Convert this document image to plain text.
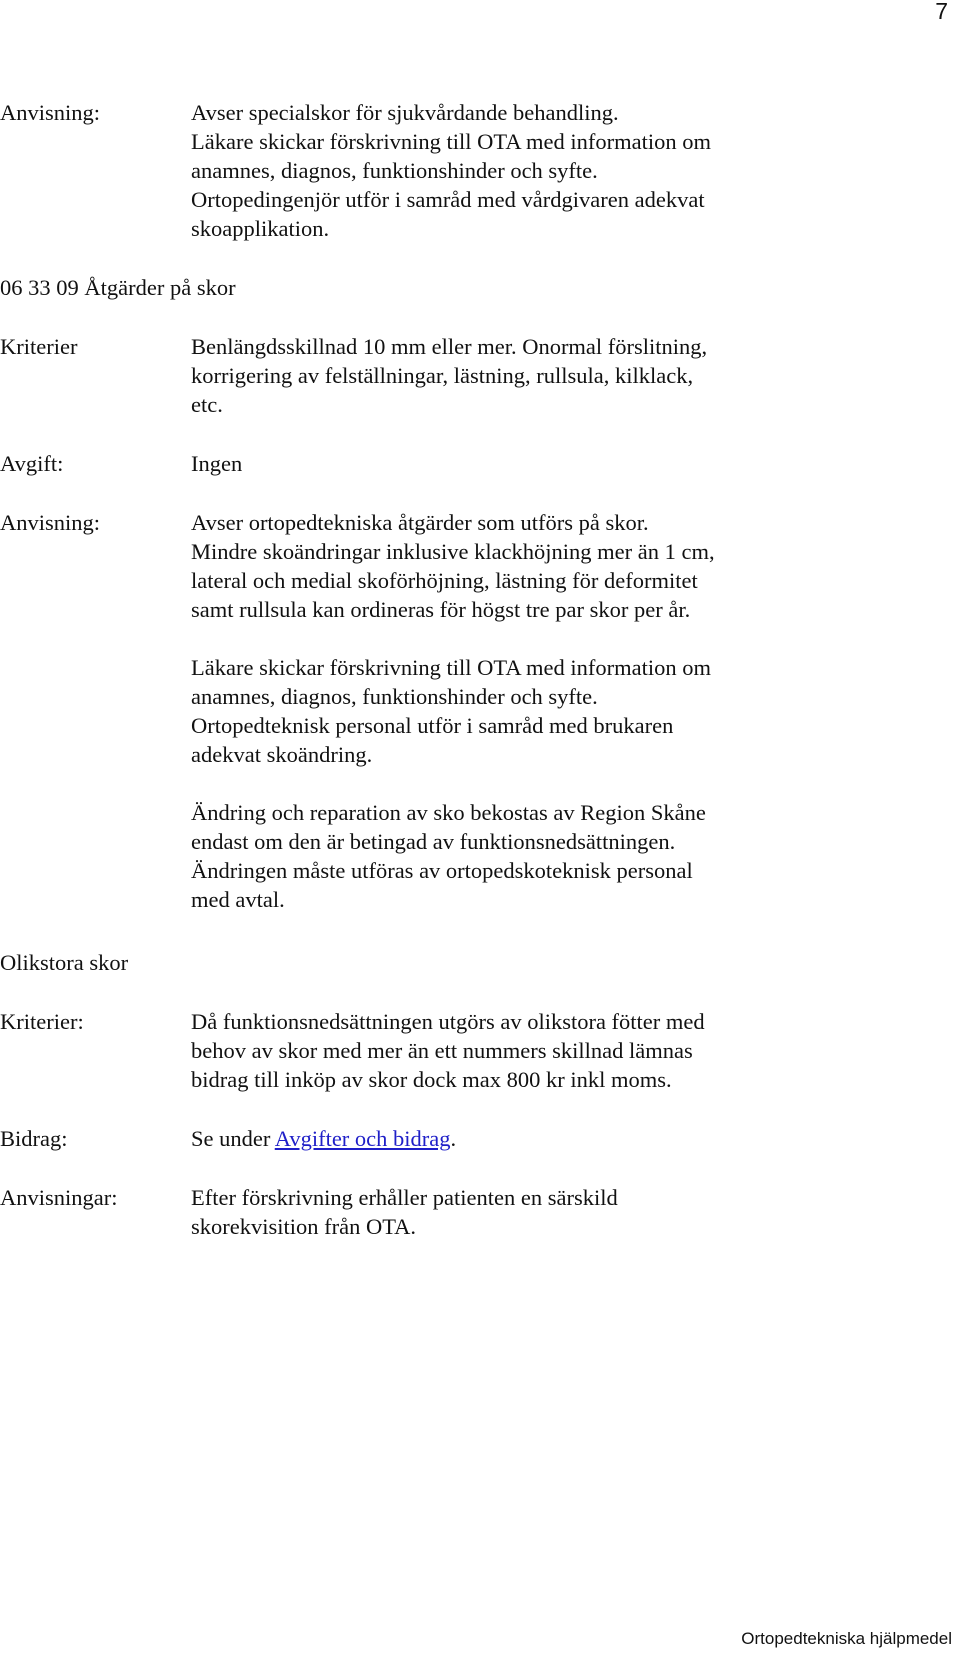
7
Anvisning:	Avser specialskor för sjukvårdande behandling.
Läkare skickar förskrivning till OTA med information om
anamnes, diagnos, funktionshinder och syfte.
Ortopedingenjör utför i samråd med vårdgivaren adekvat
skoapplikation.
06 33 09 Åtgärder på skor
Kriterier	Benlängdsskillnad 10 mm eller mer. Onormal förslitning,
korrigering av felställningar, lästning, rullsula, kilklack,
etc.
Avgift:	Ingen
Anvisning:	Avser ortopedtekniska åtgärder som utförs på skor.
Mindre skoändringar inklusive klackhöjning mer än 1 cm,
lateral och medial skoförhöjning, lästning för deformitet
samt rullsula kan ordineras för högst tre par skor per år.

Läkare skickar förskrivning till OTA med information om
anamnes, diagnos, funktionshinder och syfte.
Ortopedteknisk personal utför i samråd med brukaren
adekvat skoändring.

Ändring och reparation av sko bekostas av Region Skåne
endast om den är betingad av funktionsnedsättningen.
Ändringen måste utföras av ortopedskoteknisk personal
med avtal.

Olikstora skor
Kriterier:	Då funktionsnedsättningen utgörs av olikstora fötter med
behov av skor med mer än ett nummers skillnad lämnas
bidrag till inköp av skor dock max 800 kr inkl moms.
Bidrag:	Se under Avgifter och bidrag.
Anvisningar:	Efter förskrivning erhåller patienten en särskild
skorekvisition från OTA.
Ortopedtekniska hjälpmedel
